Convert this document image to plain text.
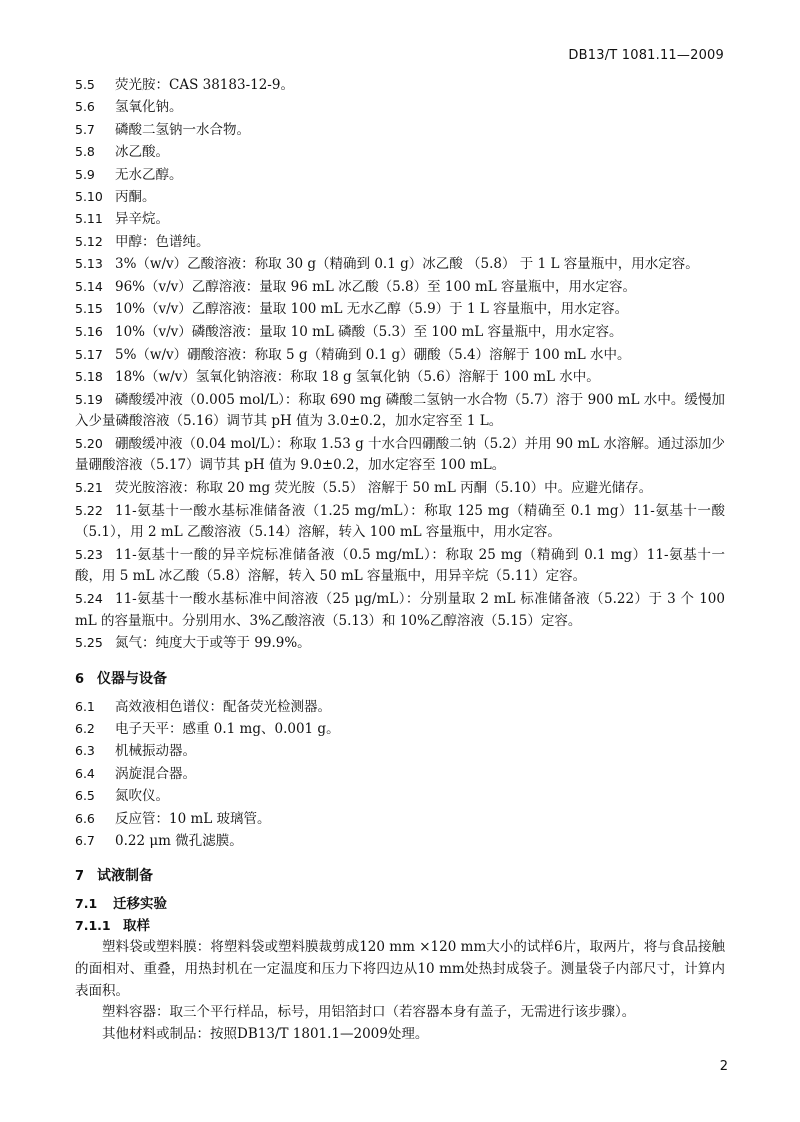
DB13/T 1081.11—2009
5.5 荧光胺：CAS 38183-12-9。
5.6 氢氧化钠。
5.7 磷酸二氢钠一水合物。
5.8 冰乙酸。
5.9 无水乙醇。
5.10 丙酮。
5.11 异辛烷。
5.12 甲醇：色谱纯。
5.13 3%（w/v）乙酸溶液：称取 30 g（精确到 0.1 g）冰乙酸 （5.8） 于 1 L 容量瓶中，用水定容。
5.14 96%（v/v）乙醇溶液：量取 96 mL 冰乙酸（5.8）至 100 mL 容量瓶中，用水定容。
5.15 10%（v/v）乙醇溶液：量取 100 mL 无水乙醇（5.9）于 1 L 容量瓶中，用水定容。
5.16 10%（v/v）磷酸溶液：量取 10 mL 磷酸（5.3）至 100 mL 容量瓶中，用水定容。
5.17 5%（w/v）硼酸溶液：称取 5 g（精确到 0.1 g）硼酸（5.4）溶解于 100 mL 水中。
5.18 18%（w/v）氢氧化钠溶液：称取 18 g 氢氧化钠（5.6）溶解于 100 mL 水中。
5.19 磷酸缓冲液（0.005 mol/L）：称取 690 mg 磷酸二氢钠一水合物（5.7）溶于 900 mL 水中。缓慢加入少量磷酸溶液（5.16）调节其 pH 值为 3.0±0.2，加水定容至 1 L。
5.20 硼酸缓冲液（0.04 mol/L）：称取 1.53 g 十水合四硼酸二钠（5.2）并用 90 mL 水溶解。通过添加少量硼酸溶液（5.17）调节其 pH 值为 9.0±0.2，加水定容至 100 mL。
5.21 荧光胺溶液：称取 20 mg 荧光胺（5.5） 溶解于 50 mL 丙酮（5.10）中。应避光储存。
5.22 11-氨基十一酸水基标准储备液（1.25 mg/mL）：称取 125 mg（精确至 0.1 mg）11-氨基十一酸（5.1），用 2 mL 乙酸溶液（5.14）溶解，转入 100 mL 容量瓶中，用水定容。
5.23 11-氨基十一酸的异辛烷标准储备液（0.5 mg/mL）：称取 25 mg（精确到 0.1 mg）11-氨基十一酸，用 5 mL 冰乙酸（5.8）溶解，转入 50 mL 容量瓶中，用异辛烷（5.11）定容。
5.24 11-氨基十一酸水基标准中间溶液（25 μg/mL）：分别量取 2 mL 标准储备液（5.22）于 3 个 100 mL 的容量瓶中。分别用水、3%乙酸溶液（5.13）和 10%乙醇溶液（5.15）定容。
5.25 氮气：纯度大于或等于 99.9%。
6 仪器与设备
6.1 高效液相色谱仪：配备荧光检测器。
6.2 电子天平：感重 0.1 mg、0.001 g。
6.3 机械振动器。
6.4 涡旋混合器。
6.5 氮吹仪。
6.6 反应管：10 mL 玻璃管。
6.7 0.22 μm 微孔滤膜。
7 试液制备
7.1 迁移实验
7.1.1 取样

塑料袋或塑料膜：将塑料袋或塑料膜裁剪成120 mm ×120 mm大小的试样6片，取两片，将与食品接触的面相对、重叠，用热封机在一定温度和压力下将四边从10 mm处热封成袋子。测量袋子内部尺寸，计算内表面积。

塑料容器：取三个平行样品，标号，用铝箔封口（若容器本身有盖子，无需进行该步骤）。

其他材料或制品：按照DB13/T 1801.1—2009处理。

2
